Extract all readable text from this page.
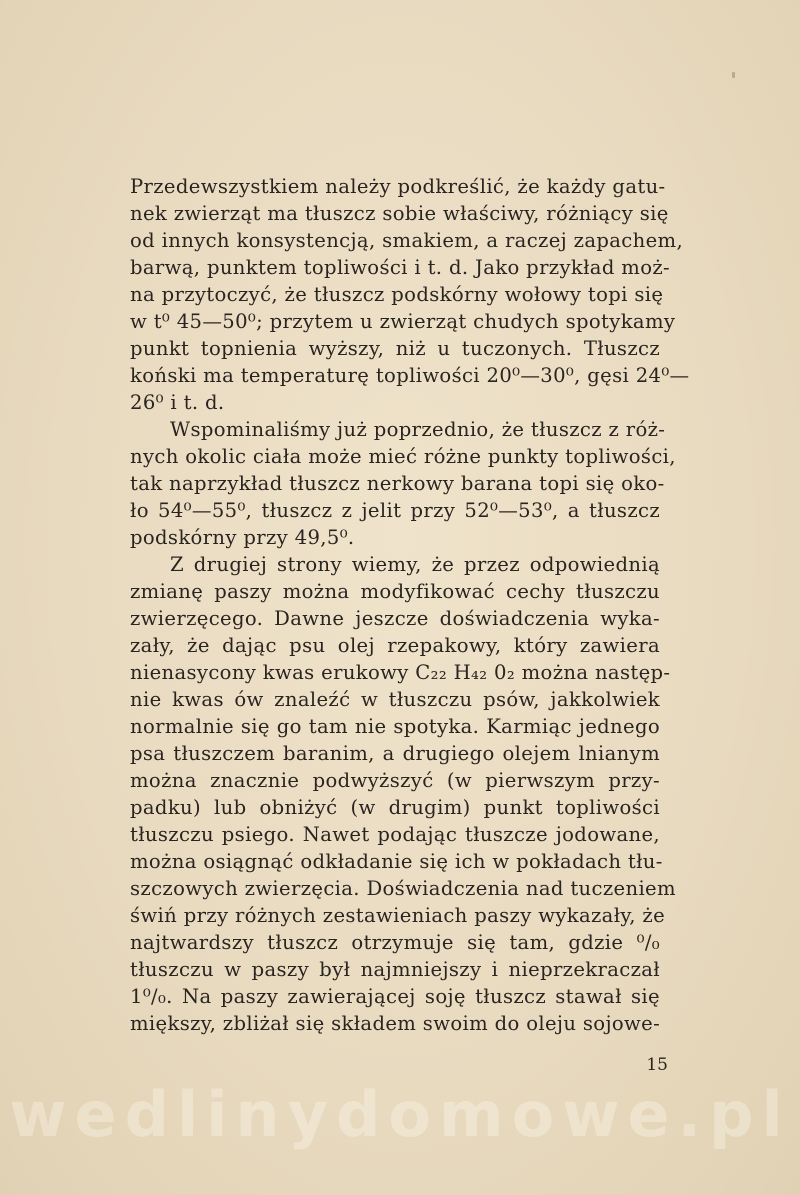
Przedewszystkiem należy podkreślić, że każdy gatu-
nek zwierząt ma tłuszcz sobie właściwy, różniący się
od innych konsystencją, smakiem, a raczej zapachem,
barwą, punktem topliwości i t. d. Jako przykład moż-
na przytoczyć, że tłuszcz podskórny wołowy topi się
w t⁰ 45—50⁰; przytem u zwierząt chudych spotykamy
punkt topnienia wyższy, niż u tuczonych. Tłuszcz
koński ma temperaturę topliwości 20⁰—30⁰, gęsi 24⁰—
26⁰ i t. d.
Wspominaliśmy już poprzednio, że tłuszcz z róż-
nych okolic ciała może mieć różne punkty topliwości,
tak naprzykład tłuszcz nerkowy barana topi się oko-
ło 54⁰—55⁰, tłuszcz z jelit przy 52⁰—53⁰, a tłuszcz
podskórny przy 49,5⁰.
Z drugiej strony wiemy, że przez odpowiednią
zmianę paszy można modyfikować cechy tłuszczu
zwierzęcego. Dawne jeszcze doświadczenia wyka-
zały, że dając psu olej rzepakowy, który zawiera
nienasycony kwas erukowy C₂₂ H₄₂ 0₂ można następ-
nie kwas ów znaleźć w tłuszczu psów, jakkolwiek
normalnie się go tam nie spotyka. Karmiąc jednego
psa tłuszczem baranim, a drugiego olejem lnianym
można znacznie podwyższyć (w pierwszym przy-
padku) lub obniżyć (w drugim) punkt topliwości
tłuszczu psiego. Nawet podając tłuszcze jodowane,
można osiągnąć odkładanie się ich w pokładach tłu-
szczowych zwierzęcia. Doświadczenia nad tuczeniem
świń przy różnych zestawieniach paszy wykazały, że
najtwardszy tłuszcz otrzymuje się tam, gdzie ⁰/₀
tłuszczu w paszy był najmniejszy i nieprzekraczał
1⁰/₀. Na paszy zawierającej soję tłuszcz stawał się
miększy, zbliżał się składem swoim do oleju sojowe-
15
wedlinydomowe.pl
